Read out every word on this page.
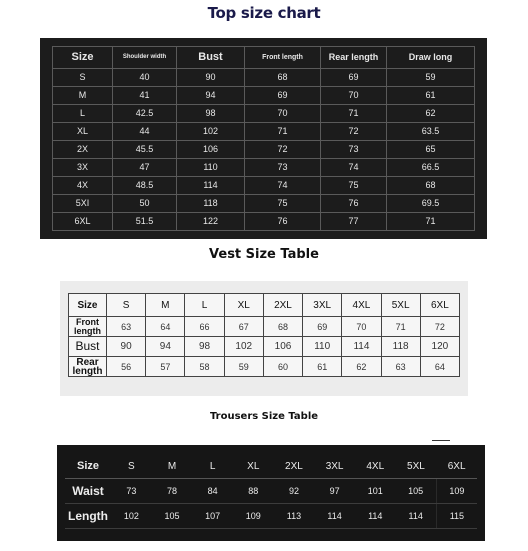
Top size chart
Size	Shoulder width	Bust	Front length	Rear length	Draw long
S	40	90	68	69	59
M	41	94	69	70	61
L	42.5	98	70	71	62
XL	44	102	71	72	63.5
2X	45.5	106	72	73	65
3X	47	110	73	74	66.5
4X	48.5	114	74	75	68
5XI	50	118	75	76	69.5
6XL	51.5	122	76	77	71
Vest Size Table
Size	S	M	L	XL	2XL	3XL	4XL	5XL	6XL
Front length	63	64	66	67	68	69	70	71	72
Bust	90	94	98	102	106	110	114	118	120
Rear length	56	57	58	59	60	61	62	63	64
Trousers Size Table
Size	S	M	L	XL	2XL	3XL	4XL	5XL	6XL
Waist	73	78	84	88	92	97	101	105	109
Length	102	105	107	109	113	114	114	114	115
